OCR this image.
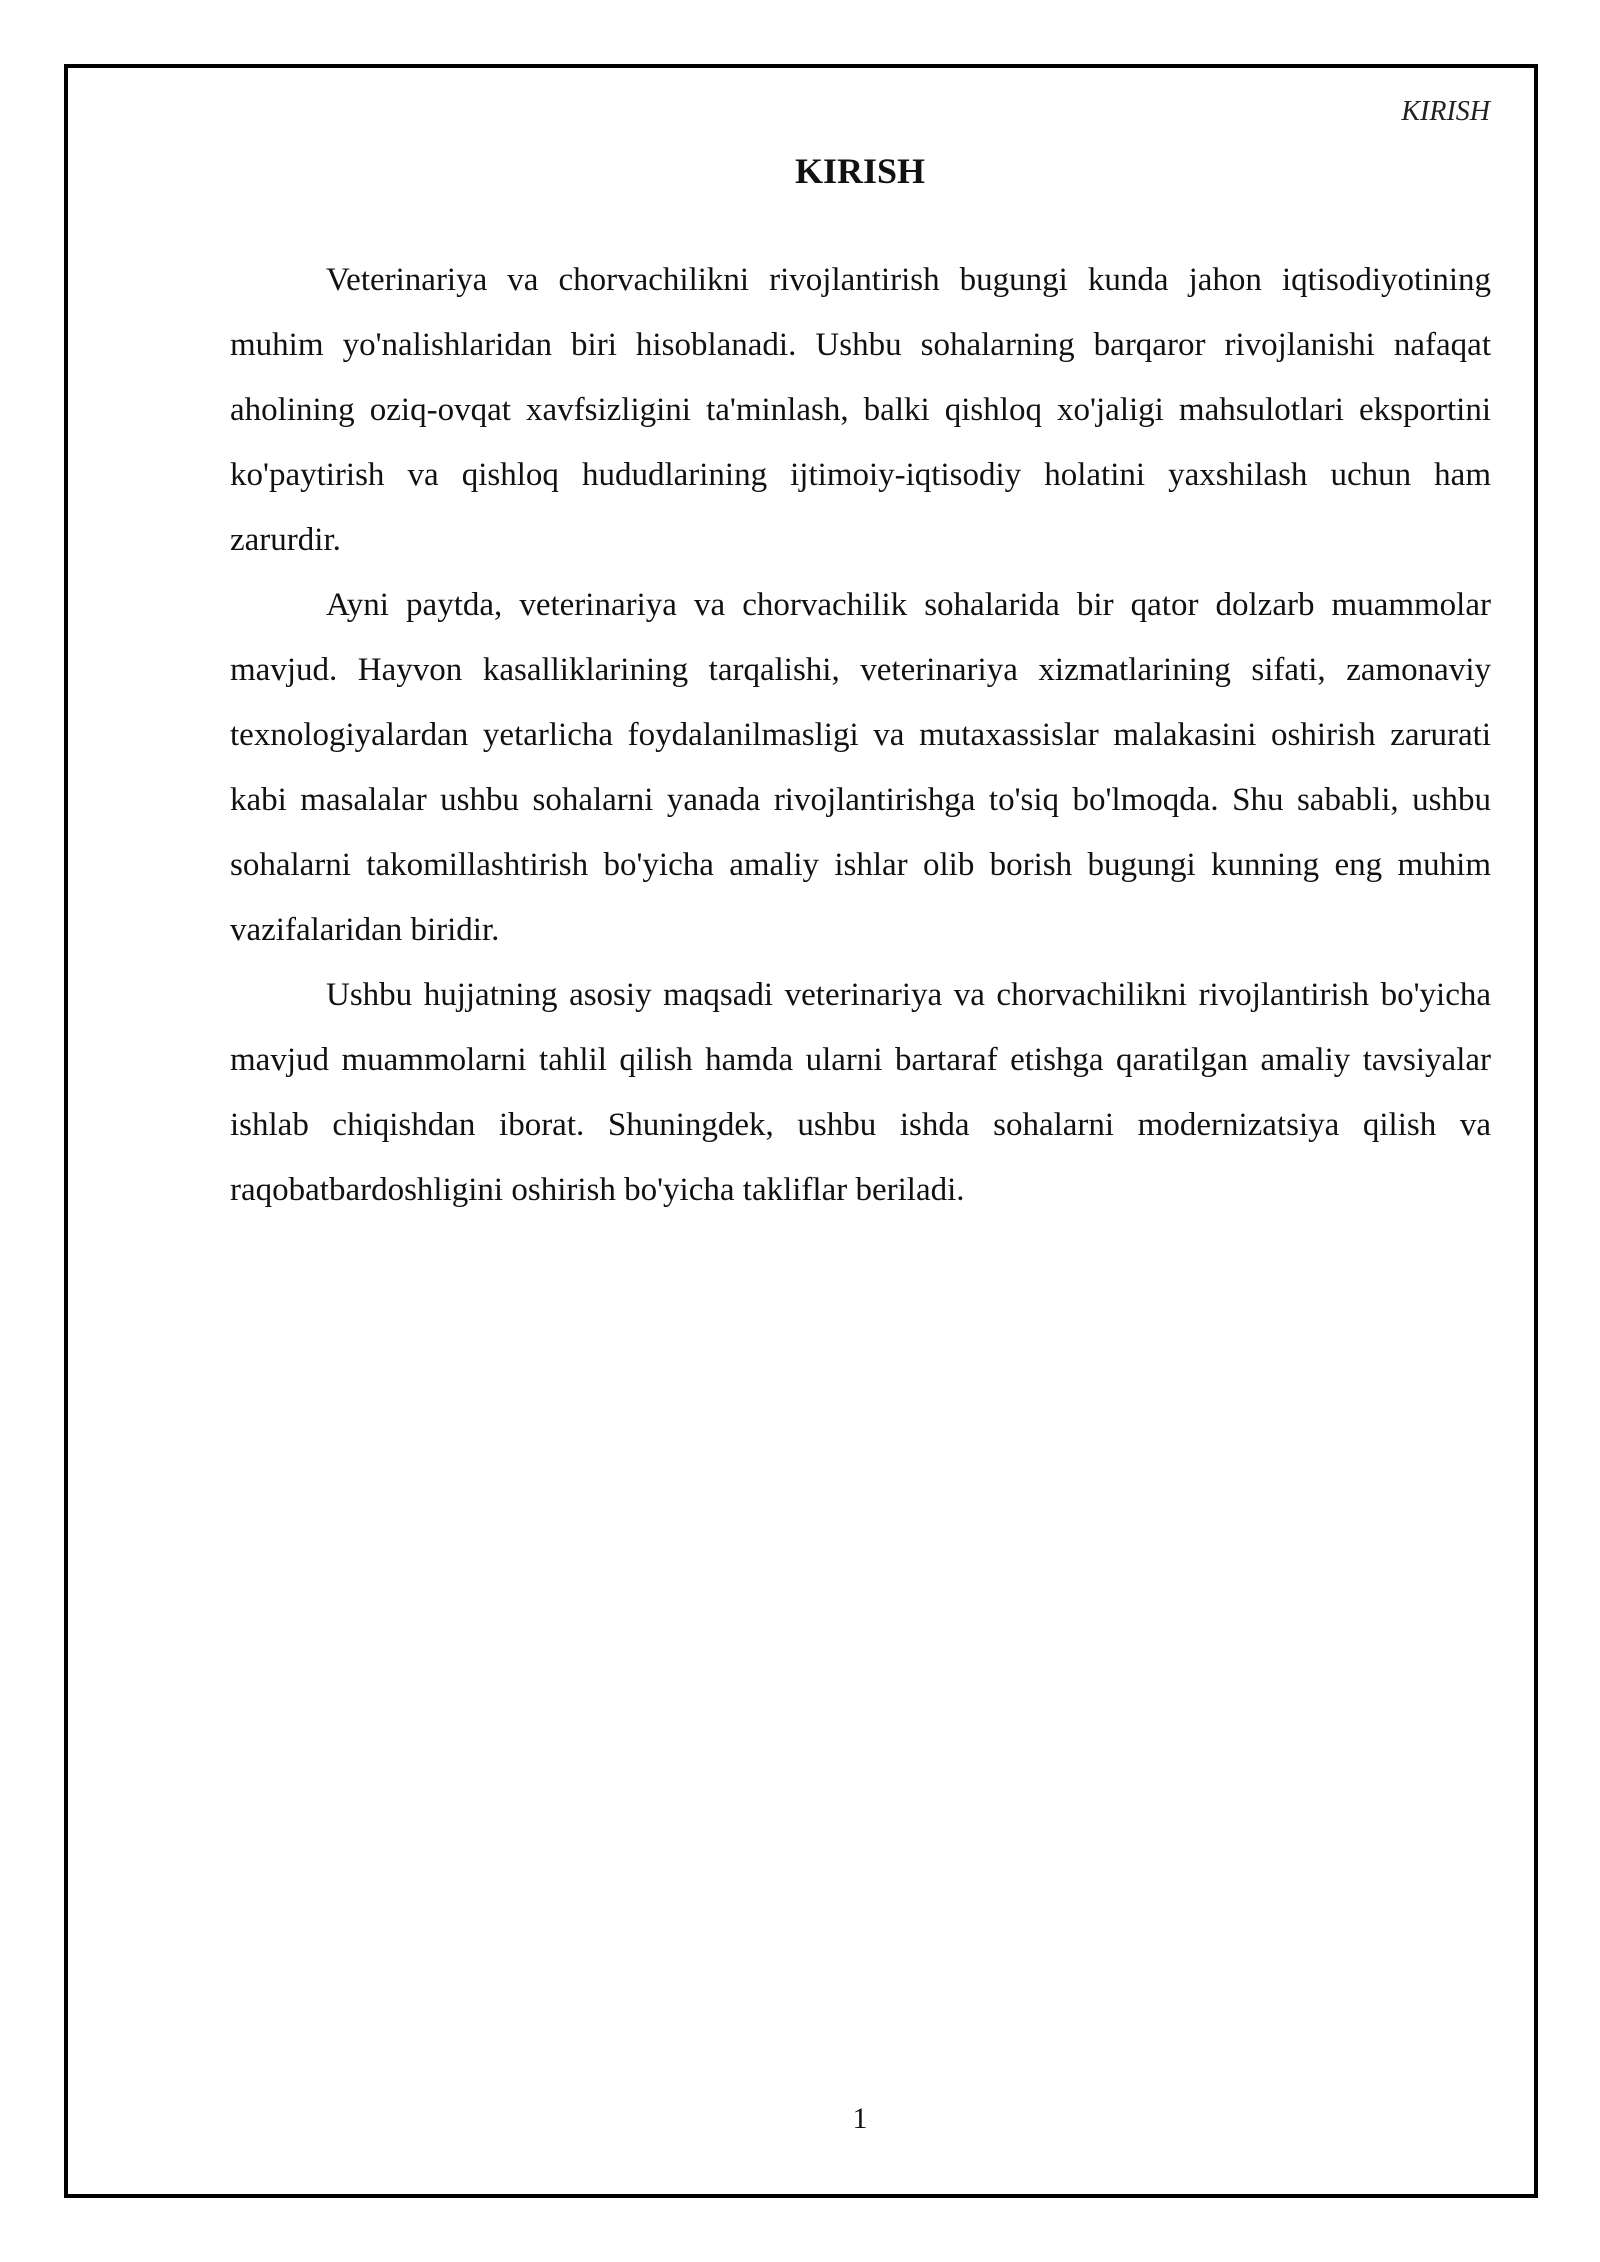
KIRISH
KIRISH

Veterinariya va chorvachilikni rivojlantirish bugungi kunda jahon iqtisodiyotining muhim yo'nalishlaridan biri hisoblanadi. Ushbu sohalarning barqaror rivojlanishi nafaqat aholining oziq-ovqat xavfsizligini ta'minlash, balki qishloq xo'jaligi mahsulotlari eksportini ko'paytirish va qishloq hududlarining ijtimoiy-iqtisodiy holatini yaxshilash uchun ham zarurdir.

Ayni paytda, veterinariya va chorvachilik sohalarida bir qator dolzarb muammolar mavjud. Hayvon kasalliklarining tarqalishi, veterinariya xizmatlarining sifati, zamonaviy texnologiyalardan yetarlicha foydalanilmasligi va mutaxassislar malakasini oshirish zarurati kabi masalalar ushbu sohalarni yanada rivojlantirishga to'siq bo'lmoqda. Shu sababli, ushbu sohalarni takomillashtirish bo'yicha amaliy ishlar olib borish bugungi kunning eng muhim vazifalaridan biridir.

Ushbu hujjatning asosiy maqsadi veterinariya va chorvachilikni rivojlantirish bo'yicha mavjud muammolarni tahlil qilish hamda ularni bartaraf etishga qaratilgan amaliy tavsiyalar ishlab chiqishdan iborat. Shuningdek, ushbu ishda sohalarni modernizatsiya qilish va raqobatbardoshligini oshirish bo'yicha takliflar beriladi.

1
